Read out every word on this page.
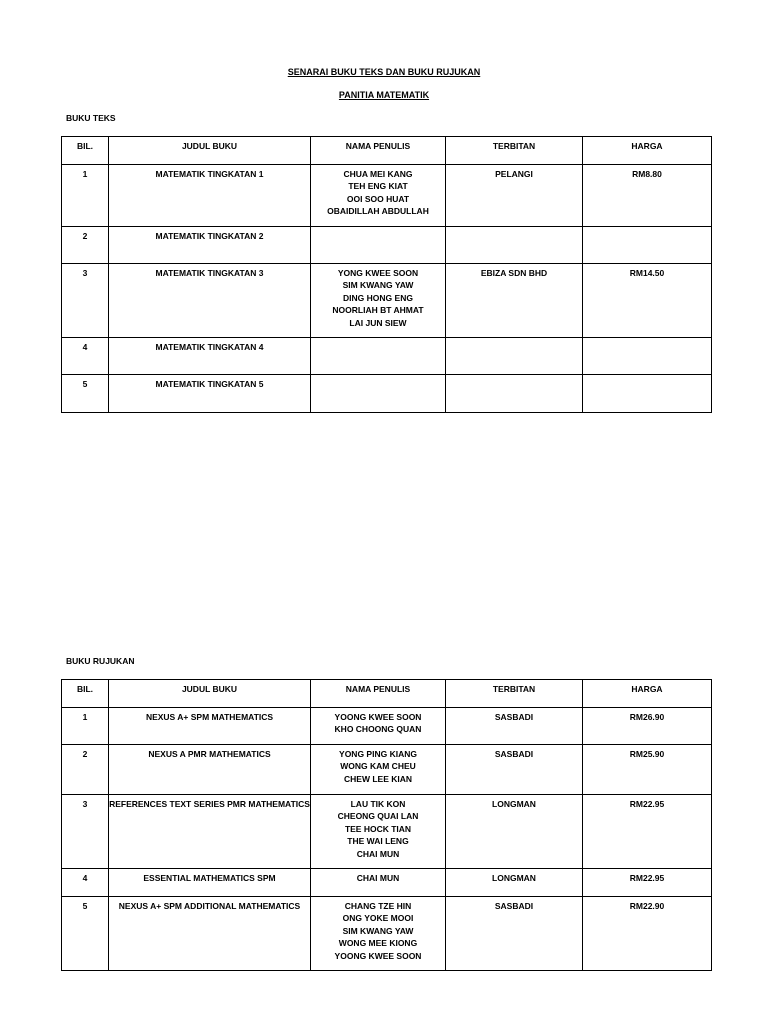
SENARAI BUKU TEKS DAN BUKU RUJUKAN
PANITIA MATEMATIK
BUKU TEKS
BIL.	JUDUL BUKU	NAMA PENULIS	TERBITAN	HARGA

1	MATEMATIK TINGKATAN 1	CHUA MEI KANG
TEH ENG KIAT
OOI SOO HUAT
OBAIDILLAH ABDULLAH	PELANGI	RM8.80

2	MATEMATIK TINGKATAN 2			

3	MATEMATIK TINGKATAN 3	YONG KWEE SOON
SIM KWANG YAW
DING HONG ENG
NOORLIAH BT AHMAT
LAI JUN SIEW	EBIZA SDN BHD	RM14.50

4	MATEMATIK TINGKATAN 4			

5	MATEMATIK TINGKATAN 5			

BUKU RUJUKAN
BIL.	JUDUL BUKU	NAMA PENULIS	TERBITAN	HARGA

1	NEXUS A+ SPM MATHEMATICS	YOONG KWEE SOON
KHO CHOONG QUAN	SASBADI	RM26.90

2	NEXUS A PMR MATHEMATICS	YONG PING KIANG
WONG KAM CHEU
CHEW LEE KIAN	SASBADI	RM25.90

3	REFERENCES TEXT SERIES PMR MATHEMATICS	LAU TIK KON
CHEONG QUAI LAN
TEE HOCK TIAN
THE WAI LENG
CHAI MUN	LONGMAN	RM22.95

4	ESSENTIAL MATHEMATICS SPM	CHAI MUN	LONGMAN	RM22.95

5	NEXUS A+ SPM ADDITIONAL MATHEMATICS	CHANG TZE HIN
ONG YOKE MOOI
SIM KWANG YAW
WONG MEE KIONG
YOONG KWEE SOON	SASBADI	RM22.90
